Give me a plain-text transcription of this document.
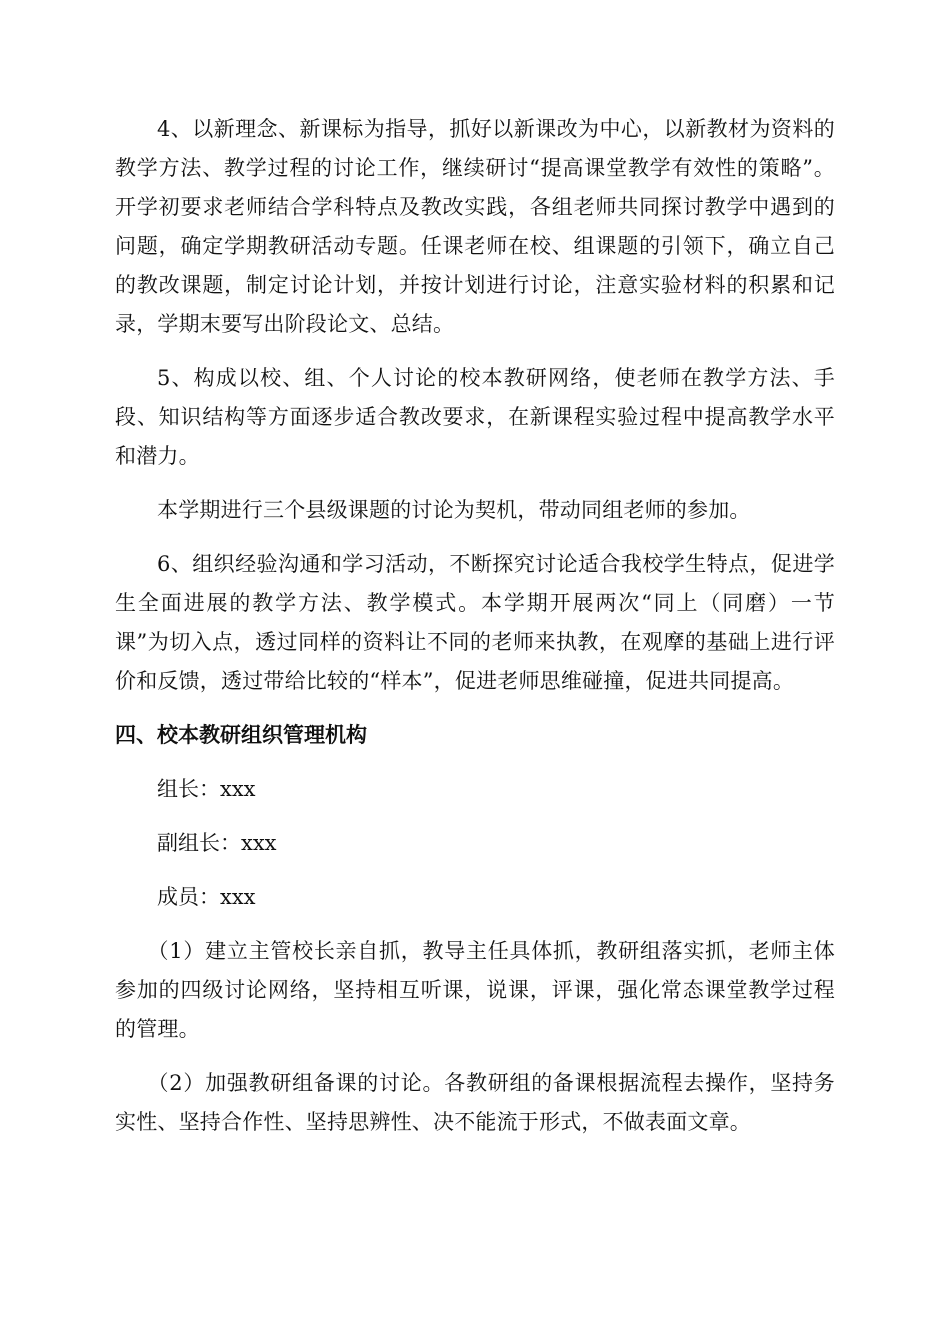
4、以新理念、新课标为指导，抓好以新课改为中心，以新教材为资料的教学方法、教学过程的讨论工作，继续研讨“提高课堂教学有效性的策略”。开学初要求老师结合学科特点及教改实践，各组老师共同探讨教学中遇到的问题，确定学期教研活动专题。任课老师在校、组课题的引领下，确立自己的教改课题，制定讨论计划，并按计划进行讨论，注意实验材料的积累和记录，学期末要写出阶段论文、总结。

5、构成以校、组、个人讨论的校本教研网络，使老师在教学方法、手段、知识结构等方面逐步适合教改要求，在新课程实验过程中提高教学水平和潜力。

本学期进行三个县级课题的讨论为契机，带动同组老师的参加。

6、组织经验沟通和学习活动，不断探究讨论适合我校学生特点，促进学生全面进展的教学方法、教学模式。本学期开展两次“同上（同磨）一节课”为切入点，透过同样的资料让不同的老师来执教，在观摩的基础上进行评价和反馈，透过带给比较的“样本”，促进老师思维碰撞，促进共同提高。

四、校本教研组织管理机构

组长：xxx

副组长：xxx

成员：xxx

（1）建立主管校长亲自抓，教导主任具体抓，教研组落实抓，老师主体参加的四级讨论网络，坚持相互听课，说课，评课，强化常态课堂教学过程的管理。

（2）加强教研组备课的讨论。各教研组的备课根据流程去操作，坚持务实性、坚持合作性、坚持思辨性、决不能流于形式，不做表面文章。
